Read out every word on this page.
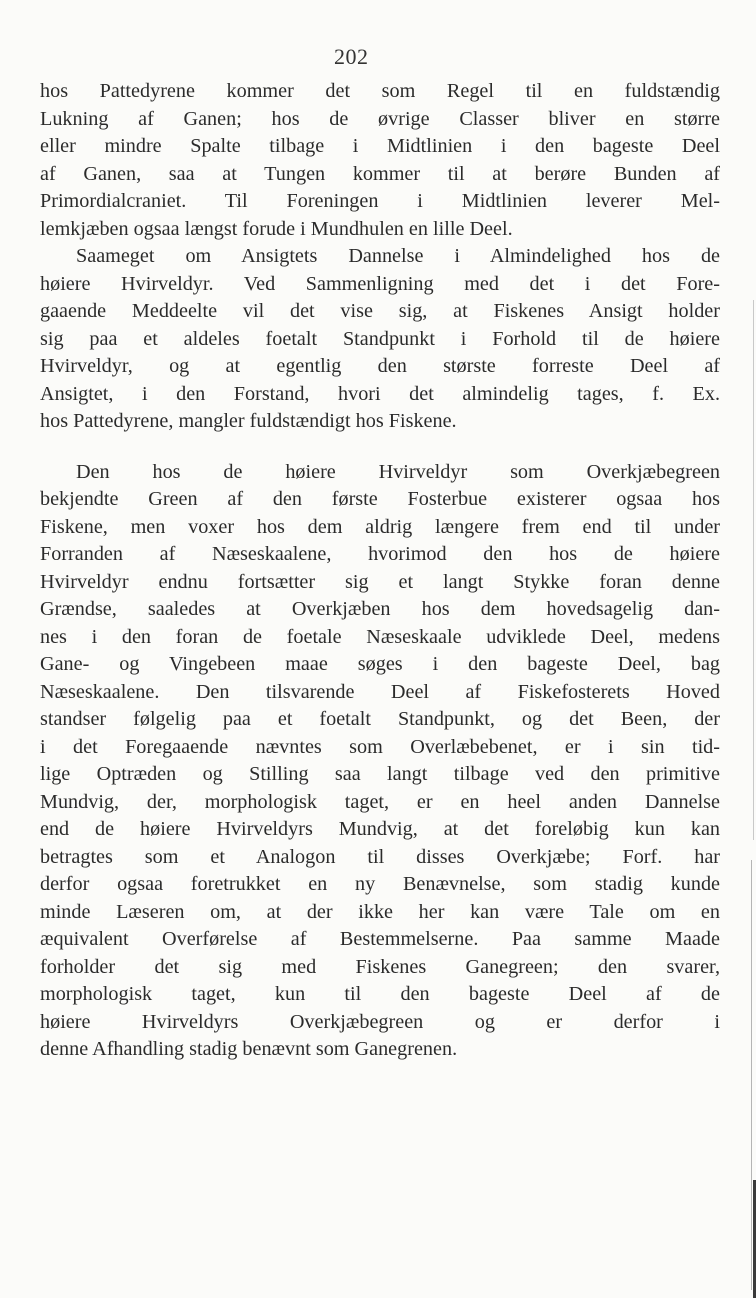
202
hos Pattedyrene kommer det som Regel til en fuldstændig
Lukning af Ganen; hos de øvrige Classer bliver en større
eller mindre Spalte tilbage i Midtlinien i den bageste Deel
af Ganen, saa at Tungen kommer til at berøre Bunden af
Primordialcraniet. Til Foreningen i Midtlinien leverer Mel-
lemkjæben ogsaa længst forude i Mundhulen en lille Deel.
Saameget om Ansigtets Dannelse i Almindelighed hos de
høiere Hvirveldyr. Ved Sammenligning med det i det Fore-
gaaende Meddeelte vil det vise sig, at Fiskenes Ansigt holder
sig paa et aldeles foetalt Standpunkt i Forhold til de høiere
Hvirveldyr, og at egentlig den største forreste Deel af
Ansigtet, i den Forstand, hvori det almindelig tages, f. Ex.
hos Pattedyrene, mangler fuldstændigt hos Fiskene.
Den hos de høiere Hvirveldyr som Overkjæbegreen
bekjendte Green af den første Fosterbue existerer ogsaa hos
Fiskene, men voxer hos dem aldrig længere frem end til under
Forranden af Næseskaalene, hvorimod den hos de høiere
Hvirveldyr endnu fortsætter sig et langt Stykke foran denne
Grændse, saaledes at Overkjæben hos dem hovedsagelig dan-
nes i den foran de foetale Næseskaale udviklede Deel, medens
Gane- og Vingebeen maae søges i den bageste Deel, bag
Næseskaalene. Den tilsvarende Deel af Fiskefosterets Hoved
standser følgelig paa et foetalt Standpunkt, og det Been, der
i det Foregaaende nævntes som Overlæbebenet, er i sin tid-
lige Optræden og Stilling saa langt tilbage ved den primitive
Mundvig, der, morphologisk taget, er en heel anden Dannelse
end de høiere Hvirveldyrs Mundvig, at det foreløbig kun kan
betragtes som et Analogon til disses Overkjæbe; Forf. har
derfor ogsaa foretrukket en ny Benævnelse, som stadig kunde
minde Læseren om, at der ikke her kan være Tale om en
æquivalent Overførelse af Bestemmelserne. Paa samme Maade
forholder det sig med Fiskenes Ganegreen; den svarer,
morphologisk taget, kun til den bageste Deel af de
høiere Hvirveldyrs Overkjæbegreen og er derfor i
denne Afhandling stadig benævnt som Ganegrenen.
